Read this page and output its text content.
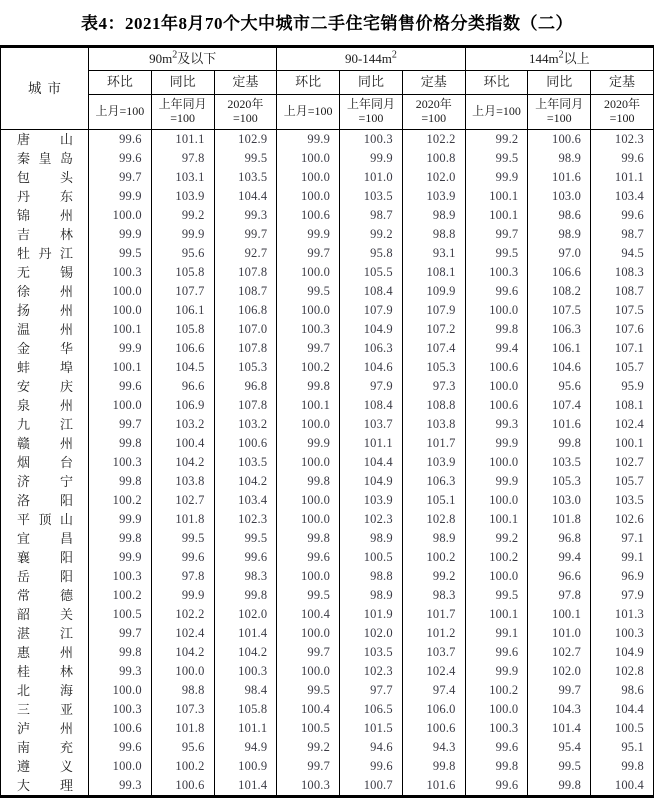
表4：2021年8月70个大中城市二手住宅销售价格分类指数（二）
城市	$90m^2$及以下			$90-144m^2$			$144m^2$以上		
	环比	同比	定基	环比	同比	定基	环比	同比	定基
	上月=100	上年同月=100	2020年=100	上月=100	上年同月=100	2020年=100	上月=100	上年同月=100	2020年=100
唐山	99.6	101.1	102.9	99.9	100.3	102.2	99.2	100.6	102.3
秦皇岛	99.6	97.8	99.5	100.0	99.9	100.8	99.5	98.9	99.6
包头	99.7	103.1	103.5	100.0	101.0	102.0	99.9	101.6	101.1
丹东	99.9	103.9	104.4	100.0	103.5	103.9	100.1	103.0	103.4
锦州	100.0	99.2	99.3	100.6	98.7	98.9	100.1	98.6	99.6
吉林	99.9	99.9	99.7	99.9	99.2	98.8	99.7	98.9	98.7
牡丹江	99.5	95.6	92.7	99.7	95.8	93.1	99.5	97.0	94.5
无锡	100.3	105.8	107.8	100.0	105.5	108.1	100.3	106.6	108.3
徐州	100.0	107.7	108.7	99.5	108.4	109.9	99.6	108.2	108.7
扬州	100.0	106.1	106.8	100.0	107.9	107.9	100.0	107.5	107.5
温州	100.1	105.8	107.0	100.3	104.9	107.2	99.8	106.3	107.6
金华	99.9	106.6	107.8	99.7	106.3	107.4	99.4	106.1	107.1
蚌埠	100.1	104.5	105.3	100.2	104.6	105.3	100.6	104.6	105.7
安庆	99.6	96.6	96.8	99.8	97.9	97.3	100.0	95.6	95.9
泉州	100.0	106.9	107.8	100.1	108.4	108.8	100.6	107.4	108.1
九江	99.7	103.2	103.2	100.0	103.7	103.8	99.3	101.6	102.4
赣州	99.8	100.4	100.6	99.9	101.1	101.7	99.9	99.8	100.1
烟台	100.3	104.2	103.5	100.0	104.4	103.9	100.0	103.5	102.7
济宁	99.8	103.8	104.2	99.8	104.9	106.3	99.9	105.3	105.7
洛阳	100.2	102.7	103.4	100.0	103.9	105.1	100.0	103.0	103.5
平顶山	99.9	101.8	102.3	100.0	102.3	102.8	100.1	101.8	102.6
宜昌	99.8	99.5	99.5	99.8	98.9	98.9	99.2	96.8	97.1
襄阳	99.9	99.6	99.6	99.6	100.5	100.2	100.2	99.4	99.1
岳阳	100.3	97.8	98.3	100.0	98.8	99.2	100.0	96.6	96.9
常德	100.2	99.9	99.8	99.5	98.9	98.3	99.5	97.8	97.9
韶关	100.5	102.2	102.0	100.4	101.9	101.7	100.1	100.1	101.3
湛江	99.7	102.4	101.4	100.0	102.0	101.2	99.1	101.0	100.3
惠州	99.8	104.2	104.2	99.7	103.5	103.7	99.6	102.7	104.9
桂林	99.3	100.0	100.3	100.0	102.3	102.4	99.9	102.0	102.8
北海	100.0	98.8	98.4	99.5	97.7	97.4	100.2	99.7	98.6
三亚	100.3	107.3	105.8	100.4	106.5	106.0	100.0	104.3	104.4
泸州	100.6	101.8	101.1	100.5	101.5	100.6	100.3	101.4	100.5
南充	99.6	95.6	94.9	99.2	94.6	94.3	99.6	95.4	95.1
遵义	100.0	100.2	100.9	99.7	99.6	99.8	99.8	99.5	99.8
大理	99.3	100.6	101.4	100.3	100.7	101.6	99.6	99.8	100.4
